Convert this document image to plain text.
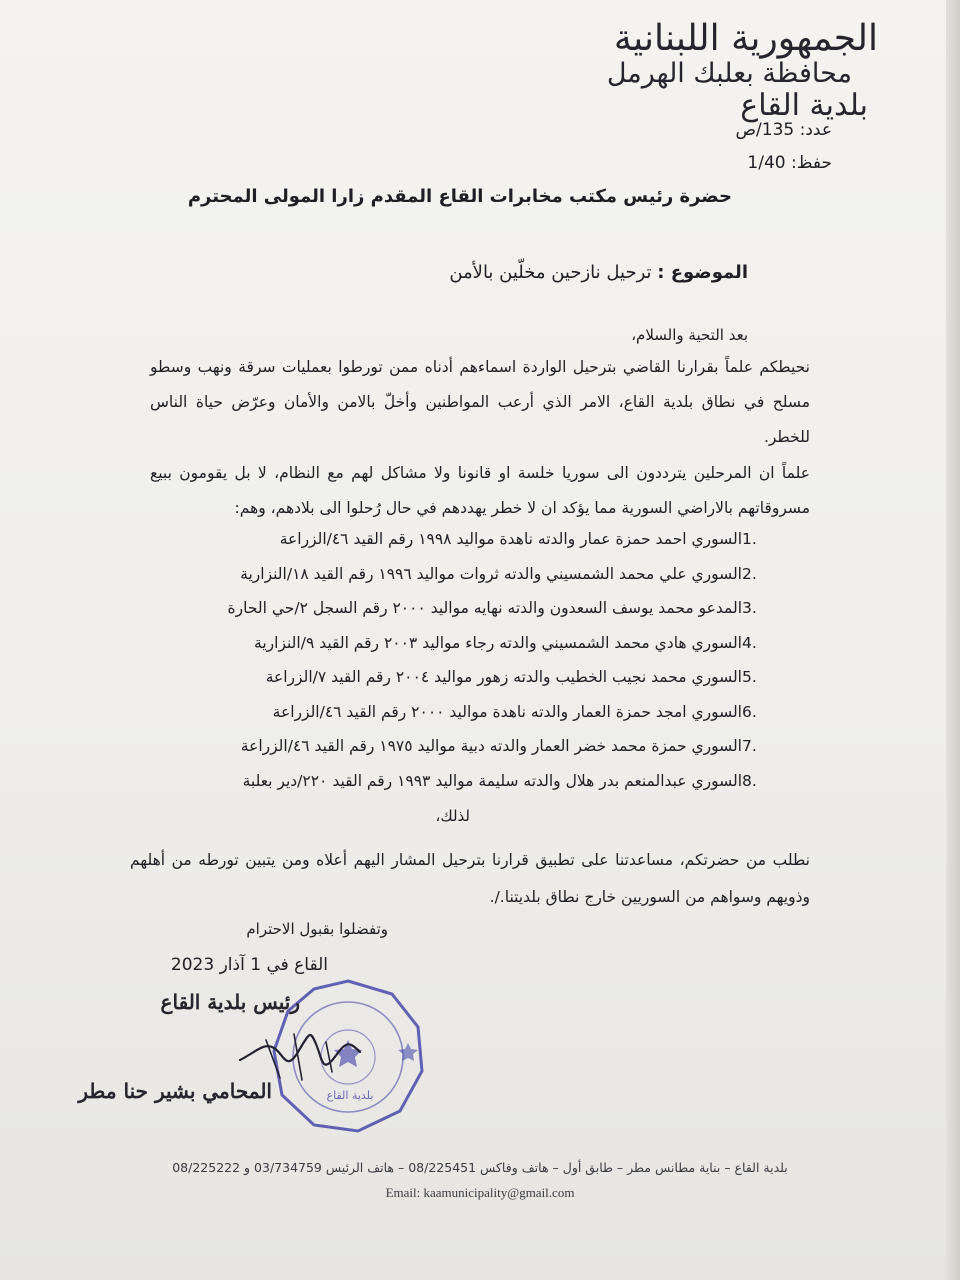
الجمهورية اللبنانية
محافظة بعلبك الهرمل
بلدية القاع
عدد: 135/ص
حفظ: 1/40
حضرة رئيس مكتب مخابرات القاع المقدم زارا المولى المحترم
الموضوع : ترحيل نازحين مخلّين بالأمن
بعد التحية والسلام،
نحيطكم علماً بقرارنا القاضي بترحيل الواردة اسماءهم أدناه ممن تورطوا بعمليات سرقة ونهب وسطو مسلح في نطاق بلدية القاع، الامر الذي أرعب المواطنين وأخلّ بالامن والأمان وعرّض حياة الناس للخطر.
علماً ان المرحلين يترددون الى سوريا خلسة او قانونا ولا مشاكل لهم مع النظام، لا بل يقومون ببيع مسروقاتهم بالاراضي السورية مما يؤكد ان لا خطر يهددهم في حال رُحلوا الى بلادهم، وهم:
السوري احمد حمزة عمار والدته ناهدة مواليد ١٩٩٨ رقم القيد ٤٦/الزراعة 1.
السوري علي محمد الشمسيني والدته ثروات مواليد ١٩٩٦ رقم القيد ١٨/النزارية 2.
المدعو محمد يوسف السعدون والدته نهايه مواليد ٢٠٠٠ رقم السجل ٢/حي الحارة 3.
السوري هادي محمد الشمسيني والدته رجاء مواليد ٢٠٠٣ رقم القيد ٩/النزارية 4.
السوري محمد نجيب الخطيب والدته زهور مواليد ٢٠٠٤ رقم القيد ٧/الزراعة 5.
السوري امجد حمزة العمار والدته ناهدة مواليد ٢٠٠٠ رقم القيد ٤٦/الزراعة 6.
السوري حمزة محمد خضر العمار والدته دبية مواليد ١٩٧٥ رقم القيد ٤٦/الزراعة 7.
السوري عبدالمنعم بدر هلال والدته سليمة مواليد ١٩٩٣ رقم القيد ٢٢٠/دير بعلبة 8.
لذلك،
نطلب من حضرتكم، مساعدتنا على تطبيق قرارنا بترحيل المشار اليهم أعلاه ومن يتبين تورطه من أهلهم وذويهم وسواهم من السوريين خارج نطاق بلديتنا./.
وتفضلوا بقبول الاحترام
القاع في 1 آذار 2023
بلدية القاع
رئيس بلدية القاع
المحامي بشير حنا مطر
بلدية القاع – بناية مطانس مطر – طابق أول – هاتف وفاكس 08/225451 – هاتف الرئيس 03/734759 و 08/225222
Email: kaamunicipality@gmail.com
